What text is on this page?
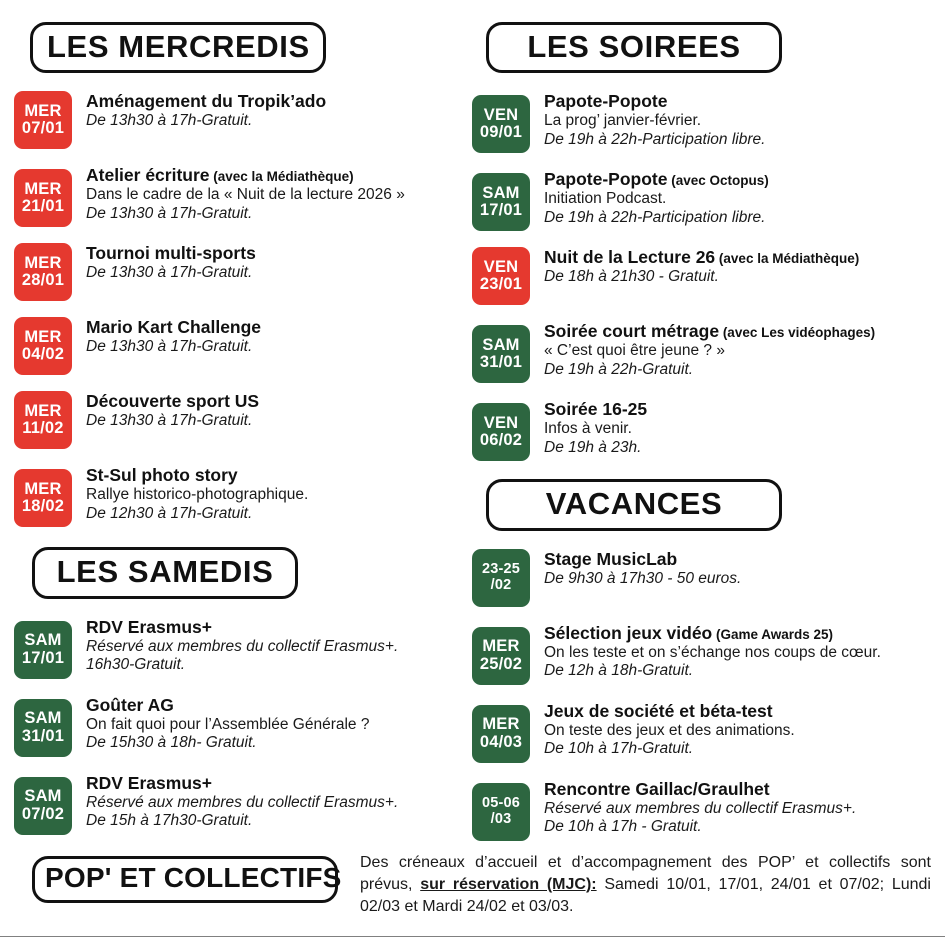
LES MERCREDIS
MER
07/01
Aménagement du Tropik’ado
De 13h30 à 17h-Gratuit.
MER
21/01
Atelier écriture (avec la Médiathèque)
Dans le cadre de la « Nuit de la lecture 2026 »
De 13h30 à 17h-Gratuit.
MER
28/01
Tournoi multi-sports
De 13h30 à 17h-Gratuit.
MER
04/02
Mario Kart Challenge
De 13h30 à 17h-Gratuit.
MER
11/02
Découverte sport US
De 13h30 à 17h-Gratuit.
MER
18/02
St-Sul photo story
Rallye historico-photographique.
De 12h30 à 17h-Gratuit.
LES SAMEDIS
SAM
17/01
RDV Erasmus+
Réservé aux membres du collectif Erasmus+.
16h30-Gratuit.
SAM
31/01
Goûter AG
On fait quoi pour l’Assemblée Générale ?
De 15h30 à 18h- Gratuit.
SAM
07/02
RDV Erasmus+
Réservé aux membres du collectif Erasmus+.
De 15h à 17h30-Gratuit.
LES SOIREES
VEN
09/01
Papote-Popote
La prog’ janvier-février.
De 19h à 22h-Participation libre.
SAM
17/01
Papote-Popote (avec Octopus)
Initiation Podcast.
De 19h à 22h-Participation libre.
VEN
23/01
Nuit de la Lecture 26 (avec la Médiathèque)
De 18h à 21h30 - Gratuit.
SAM
31/01
Soirée court métrage (avec Les vidéophages)
« C’est quoi être jeune ? »
De 19h à 22h-Gratuit.
VEN
06/02
Soirée 16-25
Infos à venir.
De 19h à 23h.
VACANCES
23-25
/02
Stage MusicLab
De 9h30 à 17h30 - 50 euros.
MER
25/02
Sélection jeux vidéo (Game Awards 25)
On les teste et on s’échange nos coups de cœur.
De 12h à 18h-Gratuit.
MER
04/03
Jeux de société et béta-test
On teste des jeux et des animations.
De 10h à 17h-Gratuit.
05-06
/03
Rencontre Gaillac/Graulhet
Réservé aux membres du collectif Erasmus+.
De 10h à 17h - Gratuit.
POP' ET COLLECTIFS Des créneaux d’accueil et d’accompagnement des POP’ et collectifs sont prévus, sur réservation (MJC): Samedi 10/01, 17/01, 24/01 et 07/02; Lundi 02/03 et Mardi 24/02 et 03/03.
